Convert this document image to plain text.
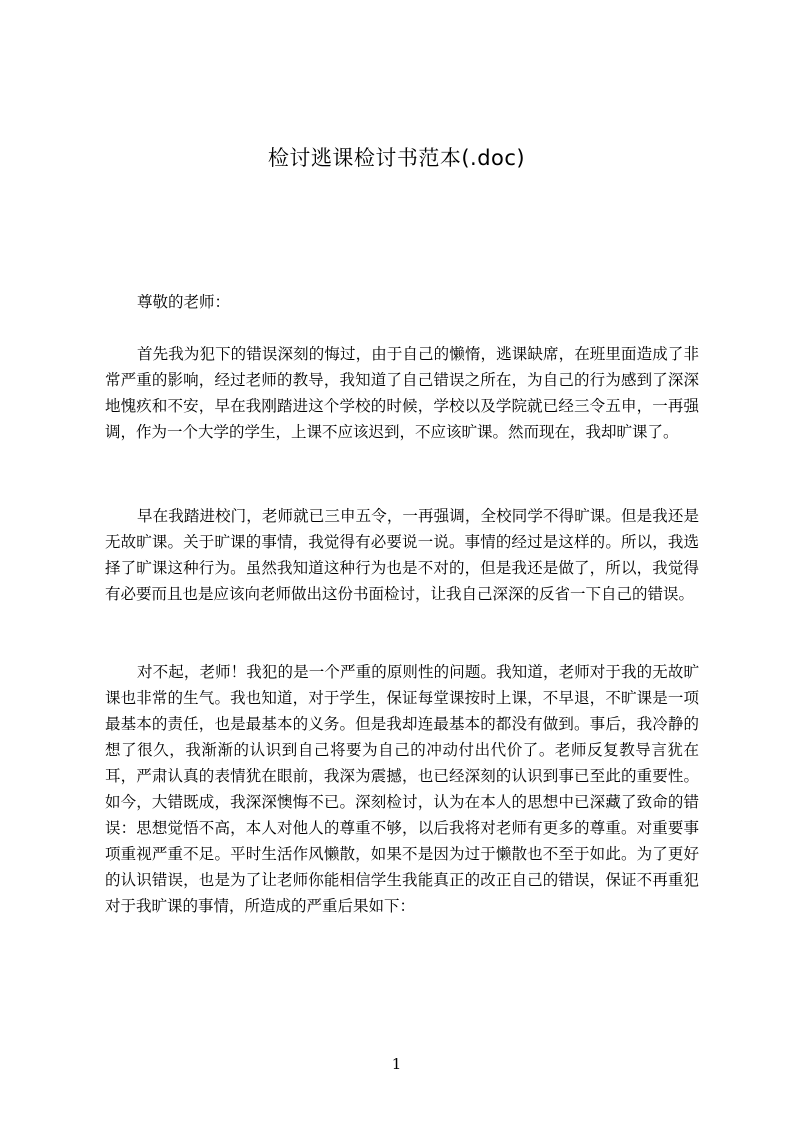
检讨逃课检讨书范本(.doc)
尊敬的老师：
首先我为犯下的错误深刻的悔过，由于自己的懒惰，逃课缺席，在班里面造成了非常严重的影响，经过老师的教导，我知道了自己错误之所在，为自己的行为感到了深深地愧疚和不安，早在我刚踏进这个学校的时候，学校以及学院就已经三令五申，一再强调，作为一个大学的学生，上课不应该迟到，不应该旷课。然而现在，我却旷课了。
早在我踏进校门，老师就已三申五令，一再强调，全校同学不得旷课。但是我还是无故旷课。关于旷课的事情，我觉得有必要说一说。事情的经过是这样的。所以，我选择了旷课这种行为。虽然我知道这种行为也是不对的，但是我还是做了，所以，我觉得有必要而且也是应该向老师做出这份书面检讨，让我自己深深的反省一下自己的错误。
对不起，老师！我犯的是一个严重的原则性的问题。我知道，老师对于我的无故旷课也非常的生气。我也知道，对于学生，保证每堂课按时上课，不早退，不旷课是一项最基本的责任，也是最基本的义务。但是我却连最基本的都没有做到。事后，我冷静的想了很久，我渐渐的认识到自己将要为自己的冲动付出代价了。老师反复教导言犹在耳，严肃认真的表情犹在眼前，我深为震撼，也已经深刻的认识到事已至此的重要性。如今，大错既成，我深深懊悔不已。深刻检讨，认为在本人的思想中已深藏了致命的错误：思想觉悟不高，本人对他人的尊重不够，以后我将对老师有更多的尊重。对重要事项重视严重不足。平时生活作风懒散，如果不是因为过于懒散也不至于如此。为了更好的认识错误，也是为了让老师你能相信学生我能真正的改正自己的错误，保证不再重犯对于我旷课的事情，所造成的严重后果如下：
1
